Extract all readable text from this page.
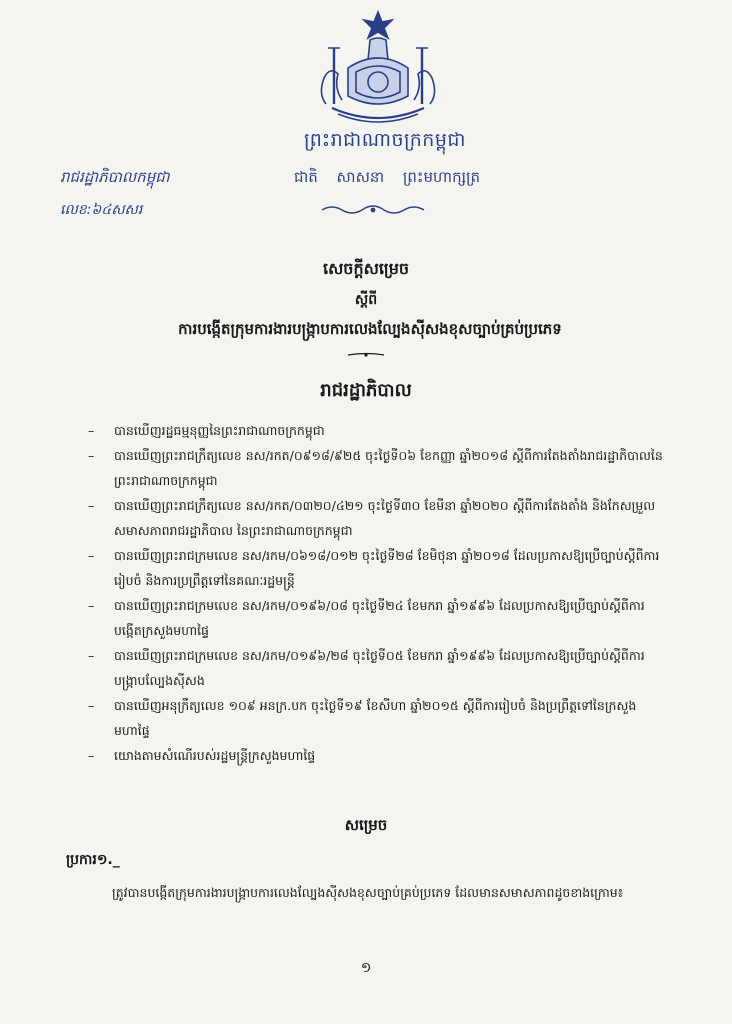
ព្រះរាជាណាចក្រកម្ពុជា
ជាតិ សាសនា ព្រះមហាក្សត្រ
រាជរដ្ឋាភិបាលកម្ពុជា
លេខ:៦៤សសរ
សេចក្តីសម្រេច
ស្តីពី
ការបង្កើតក្រុមការងារបង្ក្រាបការលេងល្បែងស៊ីសងខុសច្បាប់គ្រប់ប្រភេទ
រាជរដ្ឋាភិបាល
– បានឃើញរដ្ឋធម្មនុញ្ញនៃព្រះរាជាណាចក្រកម្ពុជា
– បានឃើញព្រះរាជក្រឹត្យលេខ នស/រកត/០៩១៨/៩២៥ ចុះថ្ងៃទី០៦ ខែកញ្ញា ឆ្នាំ២០១៨ ស្តីពីការតែងតាំងរាជរដ្ឋាភិបាលនៃព្រះរាជាណាចក្រកម្ពុជា
– បានឃើញព្រះរាជក្រឹត្យលេខ នស/រកត/០៣២០/៤២១ ចុះថ្ងៃទី៣០ ខែមីនា ឆ្នាំ២០២០ ស្តីពីការតែងតាំង និងកែសម្រួលសមាសភាពរាជរដ្ឋាភិបាល នៃព្រះរាជាណាចក្រកម្ពុជា
– បានឃើញព្រះរាជក្រមលេខ នស/រកម/០៦១៨/០១២ ចុះថ្ងៃទី២៨ ខែមិថុនា ឆ្នាំ២០១៨ ដែលប្រកាសឱ្យប្រើច្បាប់ស្តីពីការរៀបចំ និងការប្រព្រឹត្តទៅនៃគណៈរដ្ឋមន្ត្រី
– បានឃើញព្រះរាជក្រមលេខ នស/រកម/០១៩៦/០៨ ចុះថ្ងៃទី២៤ ខែមករា ឆ្នាំ១៩៩៦ ដែលប្រកាសឱ្យប្រើច្បាប់ស្តីពីការបង្កើតក្រសួងមហាផ្ទៃ
– បានឃើញព្រះរាជក្រមលេខ នស/រកម/០១៩៦/២៨ ចុះថ្ងៃទី០៥ ខែមករា ឆ្នាំ១៩៩៦ ដែលប្រកាសឱ្យប្រើច្បាប់ស្តីពីការបង្ក្រាបល្បែងស៊ីសង
– បានឃើញអនុក្រឹត្យលេខ ១០៩ អនក្រ.បក ចុះថ្ងៃទី១៩ ខែសីហា ឆ្នាំ២០១៥ ស្តីពីការរៀបចំ និងប្រព្រឹត្តទៅនៃក្រសួងមហាផ្ទៃ
– យោងតាមសំណើរបស់រដ្ឋមន្ត្រីក្រសួងមហាផ្ទៃ
សម្រេច
ប្រការ១._
ត្រូវបានបង្កើតក្រុមការងារបង្ក្រាបការលេងល្បែងស៊ីសងខុសច្បាប់គ្រប់ប្រភេទ ដែលមានសមាសភាពដូចខាងក្រោម៖
១
